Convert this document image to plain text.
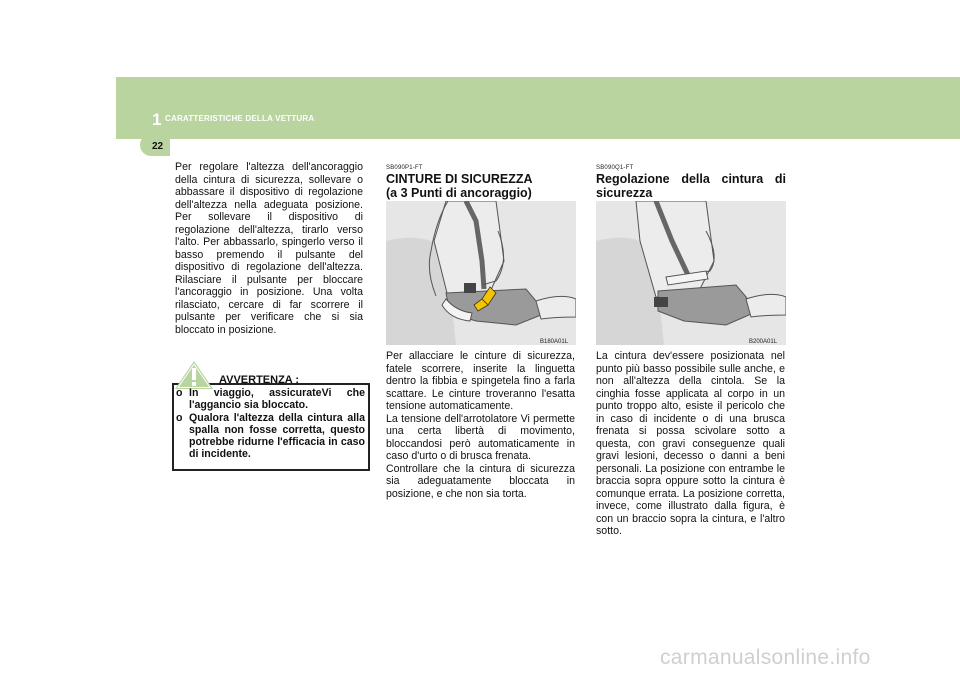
1 CARATTERISTICHE DELLA VETTURA
22
Per regolare l'altezza dell'ancoraggio della cintura di sicurezza, sollevare o abbassare il dispositivo di regolazione dell'altezza nella adeguata posizione. Per sollevare il dispositivo di regolazione dell'altezza, tirarlo verso l'alto. Per abbassarlo, spingerlo verso il basso premendo il pulsante del dispositivo di regolazione dell'altezza. Rilasciare il pulsante per bloccare l'ancoraggio in posizione. Una volta rilasciato, cercare di far scorrere il pulsante per verificare che si sia bloccato in posizione.
AVVERTENZA :
o In viaggio, assicurateVi che l'aggancio sia bloccato.
o Qualora l'altezza della cintura alla spalla non fosse corretta, questo potrebbe ridurne l'efficacia in caso di incidente.
SB090P1-FT
CINTURE DI SICUREZZA
(a 3 Punti di ancoraggio)
B180A01L
Per allacciare le cinture di sicurezza, fatele scorrere, inserite la linguetta dentro la fibbia e spingetela fino a farla scattare. Le cinture troveranno l'esatta tensione automaticamente.
La tensione dell'arrotolatore Vi permette una certa libertà di movimento, bloccandosi però automaticamente in caso d'urto o di brusca frenata.
Controllare che la cintura di sicurezza sia adeguatamente bloccata in posizione, e che non sia torta.
SB090Q1-FT
Regolazione della cintura di sicurezza
B200A01L
La cintura dev'essere posizionata nel punto più basso possibile sulle anche, e non all'altezza della cintola. Se la cinghia fosse applicata al corpo in un punto troppo alto, esiste il pericolo che in caso di incidente o di una brusca frenata si possa scivolare sotto a questa, con gravi conseguenze quali gravi lesioni, decesso o danni a beni personali. La posizione con entrambe le braccia sopra oppure sotto la cintura è comunque errata. La posizione corretta, invece, come illustrato dalla figura, è con un braccio sopra la cintura, e l'altro sotto.
carmanualsonline.info
